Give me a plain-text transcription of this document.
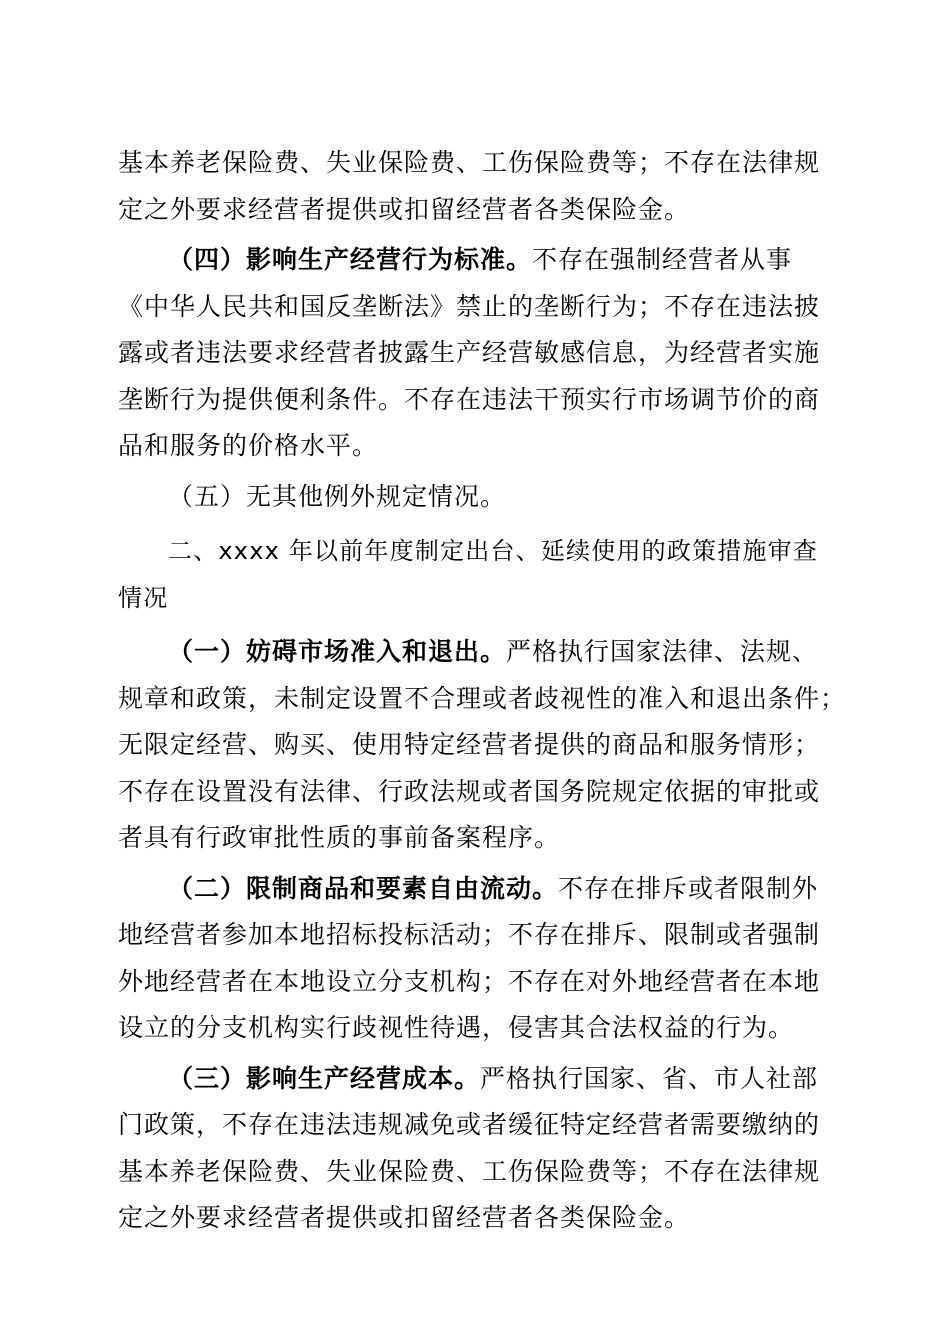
基本养老保险费、失业保险费、工伤保险费等；不存在法律规
定之外要求经营者提供或扣留经营者各类保险金。
（四）影响生产经营行为标准。不存在强制经营者从事
《中华人民共和国反垄断法》禁止的垄断行为；不存在违法披
露或者违法要求经营者披露生产经营敏感信息，为经营者实施
垄断行为提供便利条件。不存在违法干预实行市场调节价的商
品和服务的价格水平。
（五）无其他例外规定情况。
二、xxxx 年以前年度制定出台、延续使用的政策措施审查
情况
（一）妨碍市场准入和退出。严格执行国家法律、法规、
规章和政策，未制定设置不合理或者歧视性的准入和退出条件；
无限定经营、购买、使用特定经营者提供的商品和服务情形；
不存在设置没有法律、行政法规或者国务院规定依据的审批或
者具有行政审批性质的事前备案程序。
（二）限制商品和要素自由流动。不存在排斥或者限制外
地经营者参加本地招标投标活动；不存在排斥、限制或者强制
外地经营者在本地设立分支机构；不存在对外地经营者在本地
设立的分支机构实行歧视性待遇，侵害其合法权益的行为。
（三）影响生产经营成本。严格执行国家、省、市人社部
门政策，不存在违法违规减免或者缓征特定经营者需要缴纳的
基本养老保险费、失业保险费、工伤保险费等；不存在法律规
定之外要求经营者提供或扣留经营者各类保险金。
